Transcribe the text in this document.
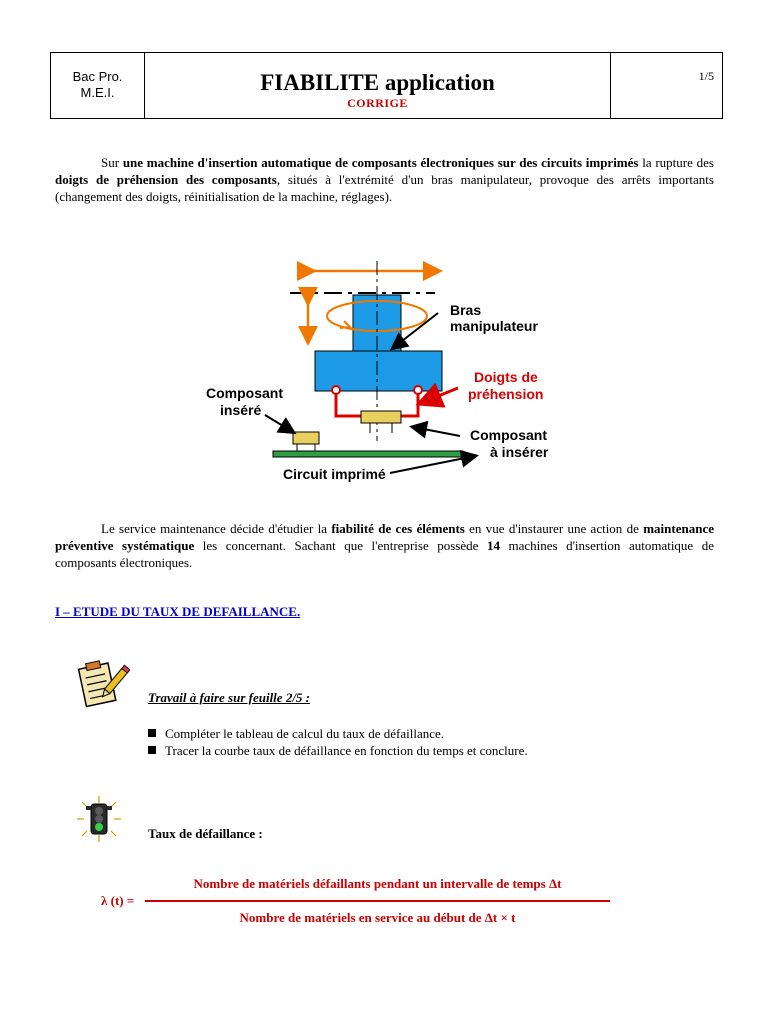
Bac Pro.
M.E.I.	FIABILITE application
CORRIGE
1/5
Sur une machine d'insertion automatique de composants électroniques sur des circuits imprimés la rupture des doigts de préhension des composants, situés à l'extrémité d'un bras manipulateur, provoque des arrêts importants (changement des doigts, réinitialisation de la machine, réglages).
Bras
manipulateur
Doigts de
préhension
Composant
inséré
Composant
à insérer
Circuit imprimé
Le service maintenance décide d'étudier la fiabilité de ces éléments en vue d'instaurer une action de maintenance préventive systématique les concernant. Sachant que l'entreprise possède 14 machines d'insertion automatique de composants électroniques.
I – ETUDE DU TAUX DE DEFAILLANCE.
Travail à faire sur feuille 2/5 :
Compléter le tableau de calcul du taux de défaillance.
Tracer la courbe taux de défaillance en fonction du temps et conclure.
Taux de défaillance :
λ (t) =
Nombre de matériels défaillants pendant un intervalle de temps Δt
Nombre de matériels en service au début de Δt × t
